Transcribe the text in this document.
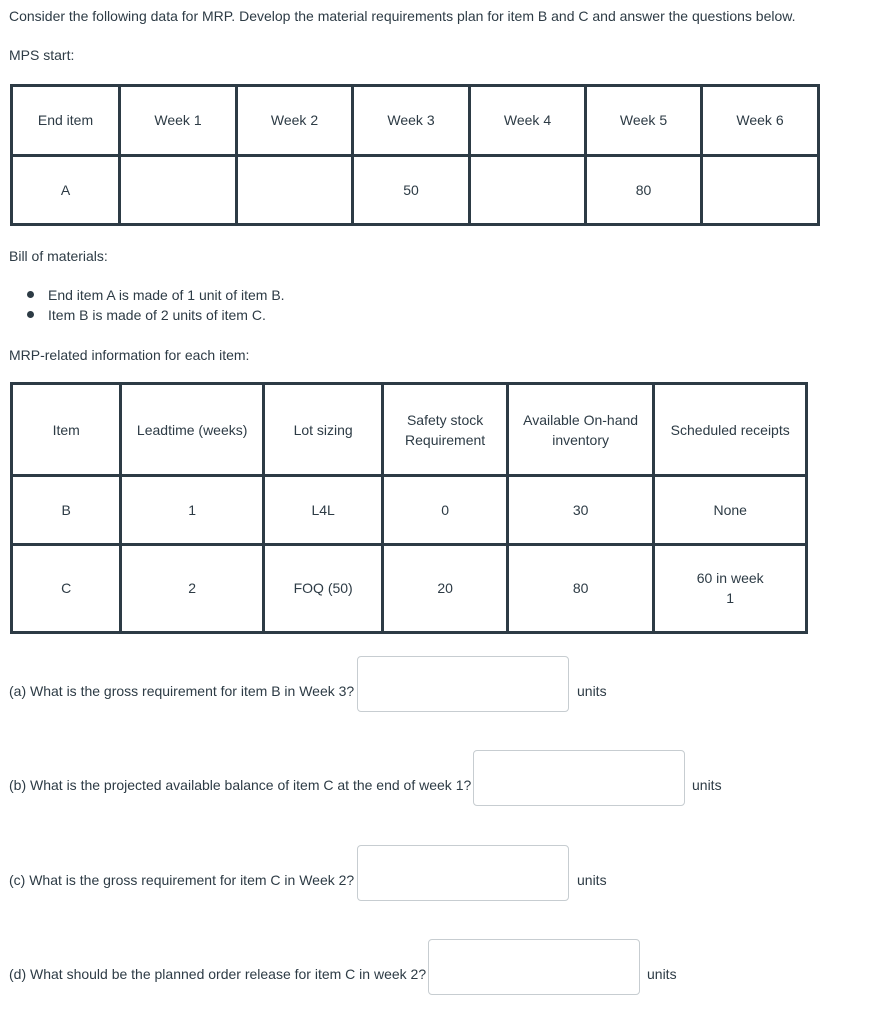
Consider the following data for MRP. Develop the material requirements plan for item B and C and answer the questions below.

MPS start:

End item	Week 1	Week 2	Week 3	Week 4	Week 5	Week 6
A			50		80	

Bill of materials:

End item A is made of 1 unit of item B.
Item B is made of 2 units of item C.

MRP-related information for each item:

Item	Leadtime (weeks)	Lot sizing	Safety stock Requirement	Available On-hand inventory	Scheduled receipts
B	1	L4L	0	30	None
C	2	FOQ (50)	20	80	60 in week 1
(a) What is the gross requirement for item B in Week 3?	units
(b) What is the projected available balance of item C at the end of week 1?	units
(c) What is the gross requirement for item C in Week 2?	units
(d) What should be the planned order release for item C in week 2?	units
